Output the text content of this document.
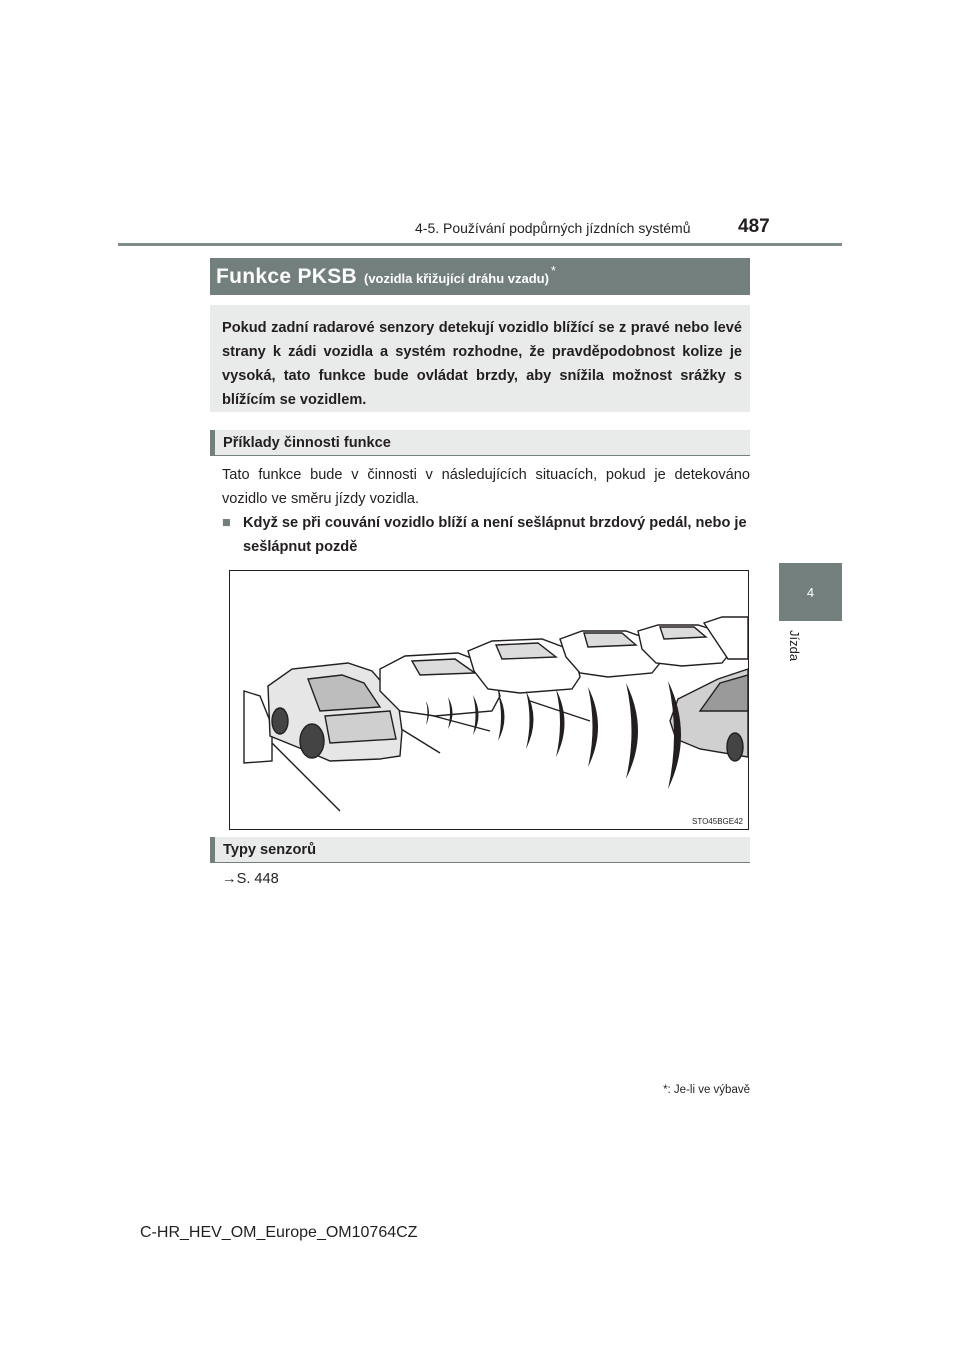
4-5. Používání podpůrných jízdních systémů	487
4
Jízda
Funkce PKSB (vozidla křižující dráhu vzadu)
*

Pokud zadní radarové senzory detekují vozidlo blížící se z pravé nebo levé strany k zádi vozidla a systém rozhodne, že pravděpodobnost kolize je vysoká, tato funkce bude ovládat brzdy, aby snížila možnost srážky s blížícím se vozidlem.

Příklady činnosti funkce

Tato funkce bude v činnosti v následujících situacích, pokud je detekováno vozidlo ve směru jízdy vozidla.

■ Když se při couvání vozidlo blíží a není sešlápnut brzdový pedál, nebo je sešlápnut pozdě
STO45BGE42
Typy senzorů
→S. 448
*: Je-li ve výbavě
C-HR_HEV_OM_Europe_OM10764CZ
